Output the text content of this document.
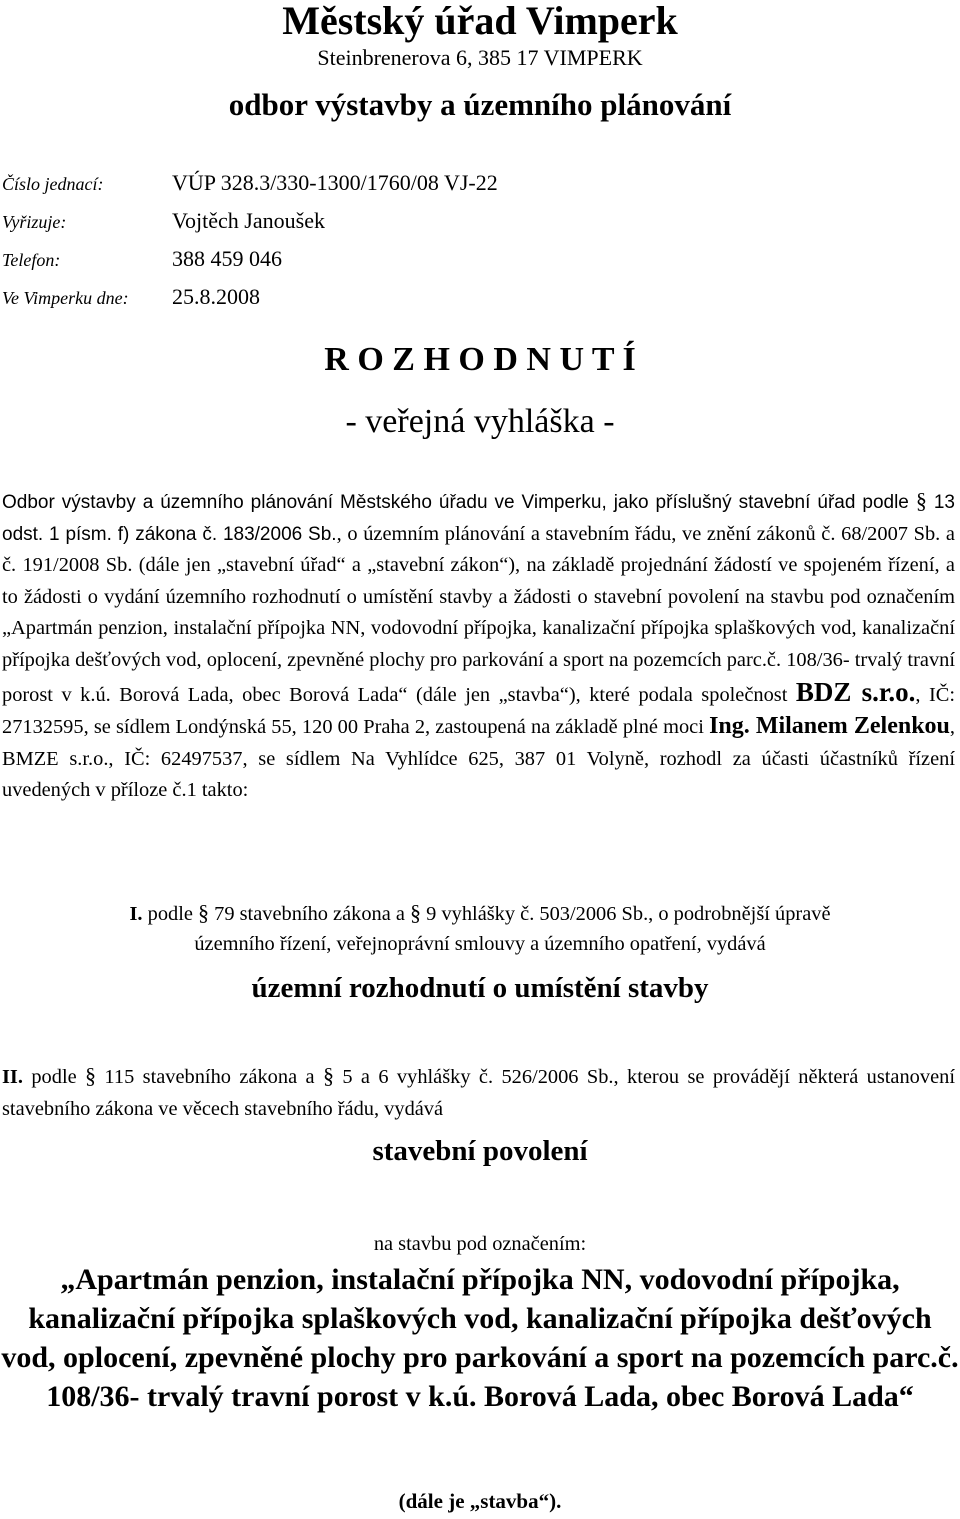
Městský úřad Vimperk
Steinbrenerova 6, 385 17 VIMPERK
odbor výstavby a územního plánování
Číslo jednací:	VÚP 328.3/330-1300/1760/08 VJ-22
Vyřizuje:	Vojtěch Janoušek
Telefon:	388 459 046
Ve Vimperku dne: 25.8.2008
R O Z H O D N U T Í
- veřejná vyhláška -
Odbor výstavby a územního plánování Městského úřadu ve Vimperku, jako příslušný stavební úřad podle § 13 odst. 1 písm. f) zákona č. 183/2006 Sb., o územním plánování a stavebním řádu, ve znění zákonů č. 68/2007 Sb. a č. 191/2008 Sb. (dále jen „stavební úřad“ a „stavební zákon“), na základě projednání žádostí ve spojeném řízení, a to žádosti o vydání územního rozhodnutí o umístění stavby a žádosti o stavební povolení na stavbu pod označením „Apartmán penzion, instalační přípojka NN, vodovodní přípojka, kanalizační přípojka splaškových vod, kanalizační přípojka dešťových vod, oplocení, zpevněné plochy pro parkování a sport na pozemcích parc.č. 108/36- trvalý travní porost v k.ú. Borová Lada, obec Borová Lada“ (dále jen „stavba“), které podala společnost BDZ s.r.o., IČ: 27132595, se sídlem Londýnská 55, 120 00 Praha 2, zastoupená na základě plné moci Ing. Milanem Zelenkou, BMZE s.r.o., IČ: 62497537, se sídlem Na Vyhlídce 625, 387 01 Volyně, rozhodl za účasti účastníků řízení uvedených v příloze č.1 takto:
I. podle § 79 stavebního zákona a § 9 vyhlášky č. 503/2006 Sb., o podrobnější úpravě
územního řízení, veřejnoprávní smlouvy a územního opatření, vydává
územní rozhodnutí o umístění stavby
II. podle § 115 stavebního zákona a § 5 a 6 vyhlášky č. 526/2006 Sb., kterou se provádějí některá ustanovení stavebního zákona ve věcech stavebního řádu, vydává
stavební povolení
na stavbu pod označením:
„Apartmán penzion, instalační přípojka NN, vodovodní přípojka, kanalizační přípojka splaškových vod, kanalizační přípojka dešťových vod, oplocení, zpevněné plochy pro parkování a sport na pozemcích parc.č. 108/36- trvalý travní porost v k.ú. Borová Lada, obec Borová Lada“
(dále je „stavba“).
